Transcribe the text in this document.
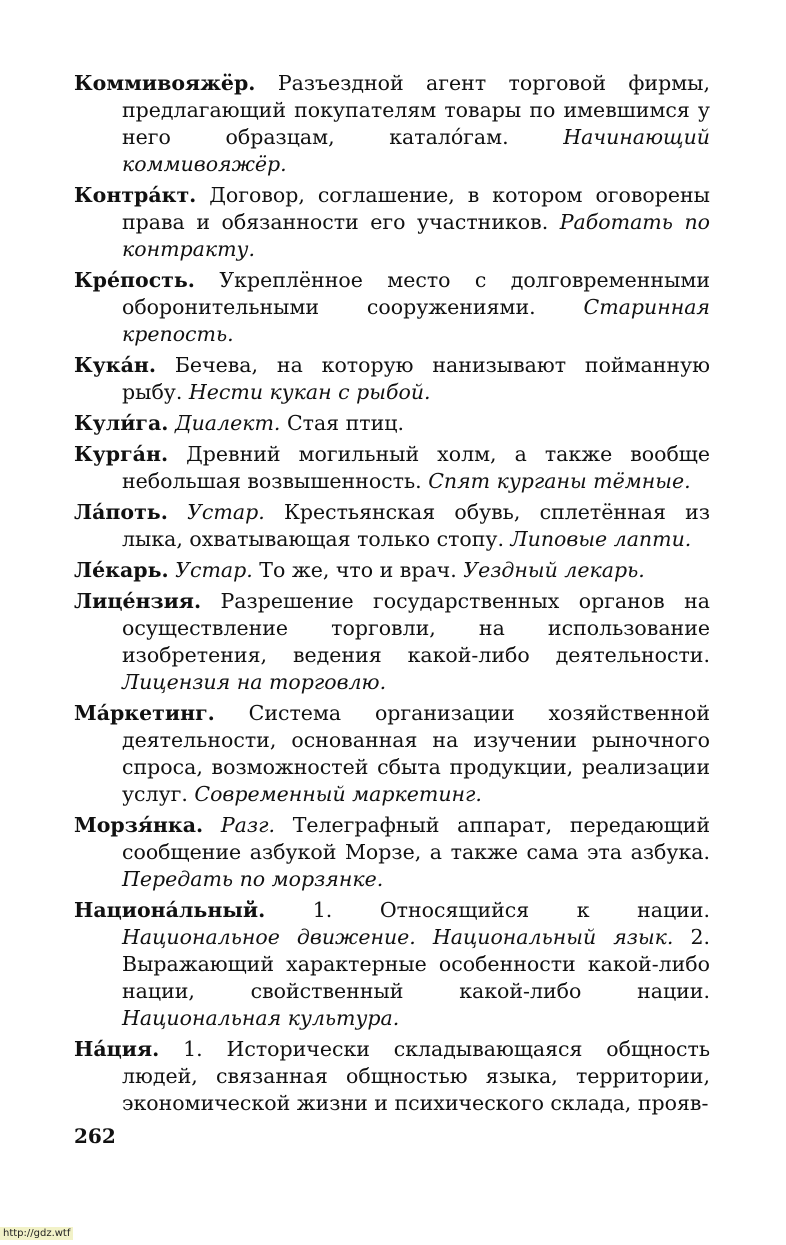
Коммивояжёр. Разъездной агент торговой фирмы, предлагающий покупателям товары по имевшимся у него образцам, катало́гам. Начинающий коммивояжёр.

Контра́кт. Договор, соглашение, в котором оговорены права и обязанности его участников. Работать по контракту.

Кре́пость. Укреплённое место с долговременными оборонительными сооружениями. Старинная крепость.

Кука́н. Бечева, на которую нанизывают пойманную рыбу. Нести кукан с рыбой.

Кули́га. Диалект. Стая птиц.

Курга́н. Древний могильный холм, а также вообще небольшая возвышенность. Спят курганы тёмные.

Ла́поть. Устар. Крестьянская обувь, сплетённая из лыка, охватывающая только стопу. Липовые лапти.

Ле́карь. Устар. То же, что и врач. Уездный лекарь.

Лице́нзия. Разрешение государственных органов на осуществление торговли, на использование изобретения, ведения какой-либо деятельности. Лицензия на торговлю.

Ма́ркетинг. Система организации хозяйственной деятельности, основанная на изучении рыночного спроса, возможностей сбыта продукции, реализации услуг. Современный маркетинг.

Морзя́нка. Разг. Телеграфный аппарат, передающий сообщение азбукой Морзе, а также сама эта азбука. Передать по морзянке.

Национа́льный. 1. Относящийся к нации. Национальное движение. Национальный язык. 2. Выражающий характерные особенности какой-либо нации, свойственный какой-либо нации. Национальная культура.

На́ция. 1. Исторически складывающаяся общность людей, связанная общностью языка, территории, экономической жизни и психического склада, прояв-

262
http://gdz.wtf
